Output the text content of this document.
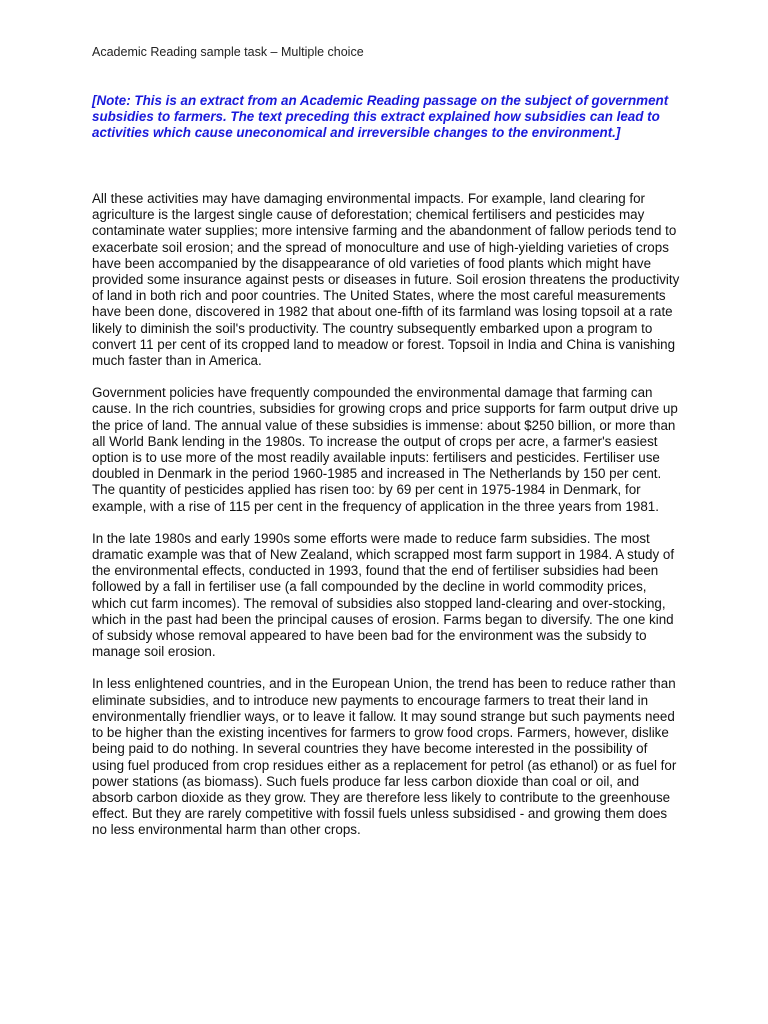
Academic Reading sample task – Multiple choice
[Note: This is an extract from an Academic Reading passage on the subject of government subsidies to farmers. The text preceding this extract explained how subsidies can lead to activities which cause uneconomical and irreversible changes to the environment.]

All these activities may have damaging environmental impacts. For example, land clearing for agriculture is the largest single cause of deforestation; chemical fertilisers and pesticides may contaminate water supplies; more intensive farming and the abandonment of fallow periods tend to exacerbate soil erosion; and the spread of monoculture and use of high-yielding varieties of crops have been accompanied by the disappearance of old varieties of food plants which might have provided some insurance against pests or diseases in future. Soil erosion threatens the productivity of land in both rich and poor countries. The United States, where the most careful measurements have been done, discovered in 1982 that about one-fifth of its farmland was losing topsoil at a rate likely to diminish the soil's productivity. The country subsequently embarked upon a program to convert 11 per cent of its cropped land to meadow or forest. Topsoil in India and China is vanishing much faster than in America.

Government policies have frequently compounded the environmental damage that farming can cause. In the rich countries, subsidies for growing crops and price supports for farm output drive up the price of land. The annual value of these subsidies is immense: about $250 billion, or more than all World Bank lending in the 1980s. To increase the output of crops per acre, a farmer's easiest option is to use more of the most readily available inputs: fertilisers and pesticides. Fertiliser use doubled in Denmark in the period 1960-1985 and increased in The Netherlands by 150 per cent. The quantity of pesticides applied has risen too: by 69 per cent in 1975-1984 in Denmark, for example, with a rise of 115 per cent in the frequency of application in the three years from 1981.

In the late 1980s and early 1990s some efforts were made to reduce farm subsidies. The most dramatic example was that of New Zealand, which scrapped most farm support in 1984. A study of the environmental effects, conducted in 1993, found that the end of fertiliser subsidies had been followed by a fall in fertiliser use (a fall compounded by the decline in world commodity prices, which cut farm incomes). The removal of subsidies also stopped land-clearing and over-stocking, which in the past had been the principal causes of erosion. Farms began to diversify. The one kind of subsidy whose removal appeared to have been bad for the environment was the subsidy to manage soil erosion.

In less enlightened countries, and in the European Union, the trend has been to reduce rather than eliminate subsidies, and to introduce new payments to encourage farmers to treat their land in environmentally friendlier ways, or to leave it fallow. It may sound strange but such payments need to be higher than the existing incentives for farmers to grow food crops. Farmers, however, dislike being paid to do nothing. In several countries they have become interested in the possibility of using fuel produced from crop residues either as a replacement for petrol (as ethanol) or as fuel for power stations (as biomass). Such fuels produce far less carbon dioxide than coal or oil, and absorb carbon dioxide as they grow. They are therefore less likely to contribute to the greenhouse effect. But they are rarely competitive with fossil fuels unless subsidised - and growing them does no less environmental harm than other crops.
